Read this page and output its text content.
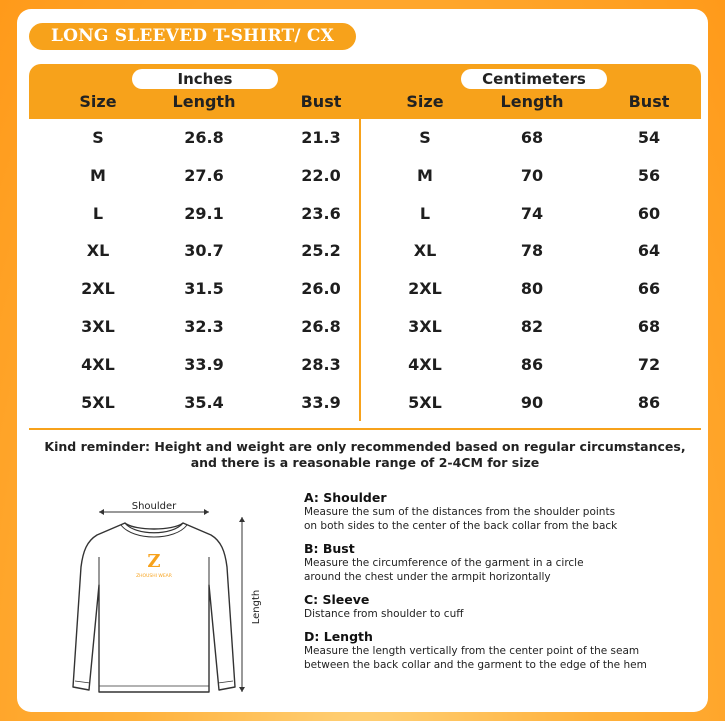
LONG SLEEVED T-SHIRT/ CX
Inches	Centimeters
Size	Length	Bust	Size	Length	Bust
S	26.8	21.3	S	68	54
M	27.6	22.0	M	70	56
L	29.1	23.6	L	74	60
XL	30.7	25.2	XL	78	64
2XL	31.5	26.0	2XL	80	66
3XL	32.3	26.8	3XL	82	68
4XL	33.9	28.3	4XL	86	72
5XL	35.4	33.9	5XL	90	86
Kind reminder: Height and weight are only recommended based on regular circumstances,
and there is a reasonable range of 2-4CM for size
Shoulder
Length
Z
ZHOUSHI WEAR
A: Shoulder
Measure the sum of the distances from the shoulder points
on both sides to the center of the back collar from the back
B: Bust
Measure the circumference of the garment in a circle
around the chest under the armpit horizontally
C: Sleeve
Distance from shoulder to cuff
D: Length
Measure the length vertically from the center point of the seam
between the back collar and the garment to the edge of the hem
